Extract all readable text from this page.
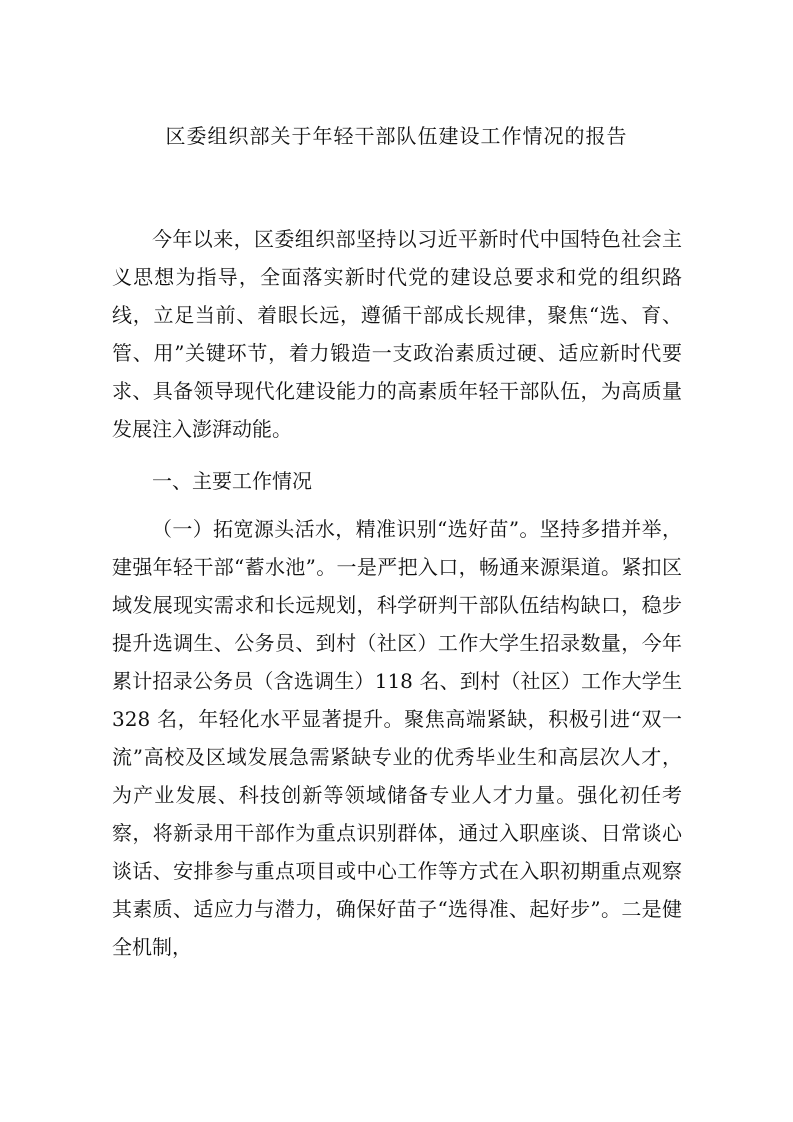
区委组织部关于年轻干部队伍建设工作情况的报告

今年以来，区委组织部坚持以习近平新时代中国特色社会主义思想为指导，全面落实新时代党的建设总要求和党的组织路线，立足当前、着眼长远，遵循干部成长规律，聚焦“选、育、管、用”关键环节，着力锻造一支政治素质过硬、适应新时代要求、具备领导现代化建设能力的高素质年轻干部队伍，为高质量发展注入澎湃动能。

一、主要工作情况

（一）拓宽源头活水，精准识别“选好苗”。坚持多措并举，建强年轻干部“蓄水池”。一是严把入口，畅通来源渠道。紧扣区域发展现实需求和长远规划，科学研判干部队伍结构缺口，稳步提升选调生、公务员、到村（社区）工作大学生招录数量，今年累计招录公务员（含选调生）118 名、到村（社区）工作大学生 328 名，年轻化水平显著提升。聚焦高端紧缺，积极引进“双一流”高校及区域发展急需紧缺专业的优秀毕业生和高层次人才，为产业发展、科技创新等领域储备专业人才力量。强化初任考察，将新录用干部作为重点识别群体，通过入职座谈、日常谈心谈话、安排参与重点项目或中心工作等方式在入职初期重点观察其素质、适应力与潜力，确保好苗子“选得准、起好步”。二是健全机制，
